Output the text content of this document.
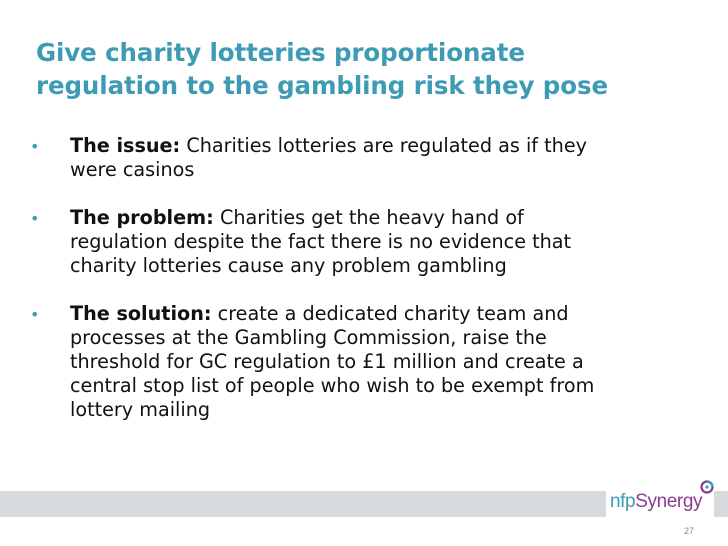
Give charity lotteries proportionate
regulation to the gambling risk they pose
• The issue: Charities lotteries are regulated as if they
were casinos
• The problem: Charities get the heavy hand of
regulation despite the fact there is no evidence that
charity lotteries cause any problem gambling
• The solution: create a dedicated charity team and
processes at the Gambling Commission, raise the
threshold for GC regulation to £1 million and create a
central stop list of people who wish to be exempt from
lottery mailing
nfpSynergy
27
